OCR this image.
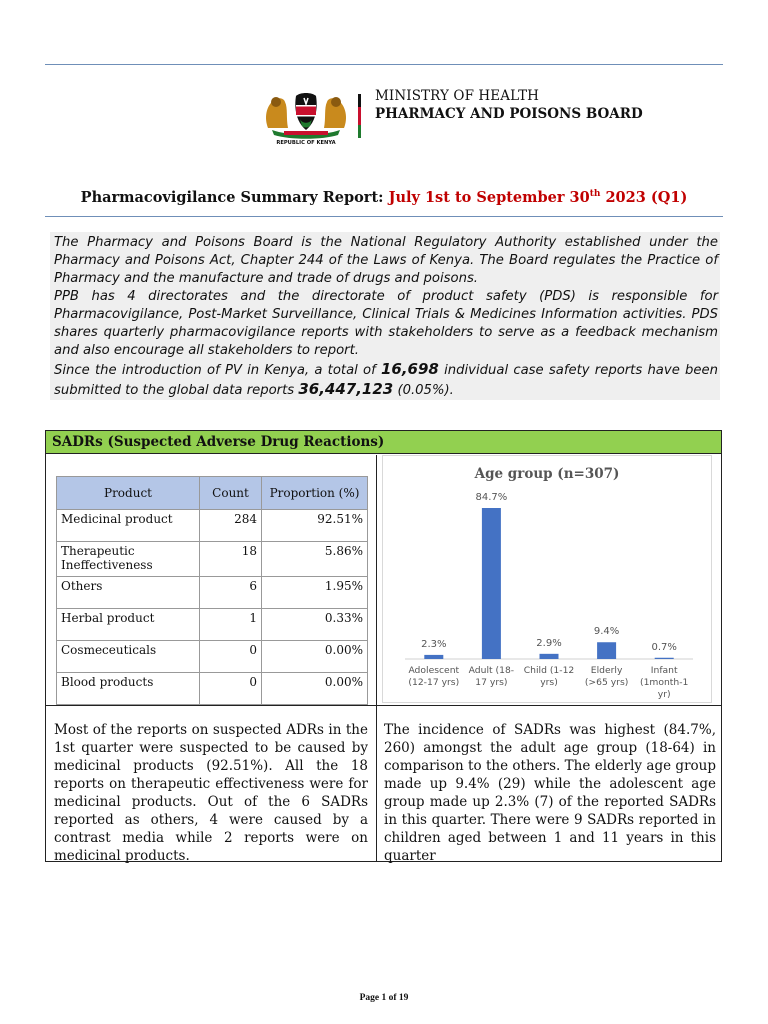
REPUBLIC OF KENYA
MINISTRY OF HEALTH
PHARMACY AND POISONS BOARD
Pharmacovigilance Summary Report: July 1st to September 30th 2023 (Q1)

The Pharmacy and Poisons Board is the National Regulatory Authority established under the Pharmacy and Poisons Act, Chapter 244 of the Laws of Kenya. The Board regulates the Practice of Pharmacy and the manufacture and trade of drugs and poisons.

PPB has 4 directorates and the directorate of product safety (PDS) is responsible for Pharmacovigilance, Post-Market Surveillance, Clinical Trials & Medicines Information activities. PDS shares quarterly pharmacovigilance reports with stakeholders to serve as a feedback mechanism and also encourage all stakeholders to report.

Since the introduction of PV in Kenya, a total of 16,698 individual case safety reports have been submitted to the global data reports 36,447,123 (0.05%).

SADRs (Suspected Adverse Drug Reactions)
Product	Count	Proportion (%)
Medicinal product	284	92.51%
Therapeutic Ineffectiveness	18	5.86%
Others	6	1.95%
Herbal product	1	0.33%
Cosmeceuticals	0	0.00%
Blood products	0	0.00%
Age group (n=307)
2.3%
Adolescent
(12-17 yrs)
84.7%
Adult (18-
17 yrs)
2.9%
Child (1-12
yrs)
9.4%
Elderly
(>65 yrs)
0.7%
Infant
(1month-1
yr)
Most of the reports on suspected ADRs in the 1st quarter were suspected to be caused by medicinal products (92.51%). All the 18 reports on therapeutic effectiveness were for medicinal products. Out of the 6 SADRs reported as others, 4 were caused by a contrast media while 2 reports were on medicinal products.
The incidence of SADRs was highest (84.7%, 260) amongst the adult age group (18-64) in comparison to the others. The elderly age group made up 9.4% (29) while the adolescent age group made up 2.3% (7) of the reported SADRs in this quarter. There were 9 SADRs reported in children aged between 1 and 11 years in this quarter
Page 1 of 19
